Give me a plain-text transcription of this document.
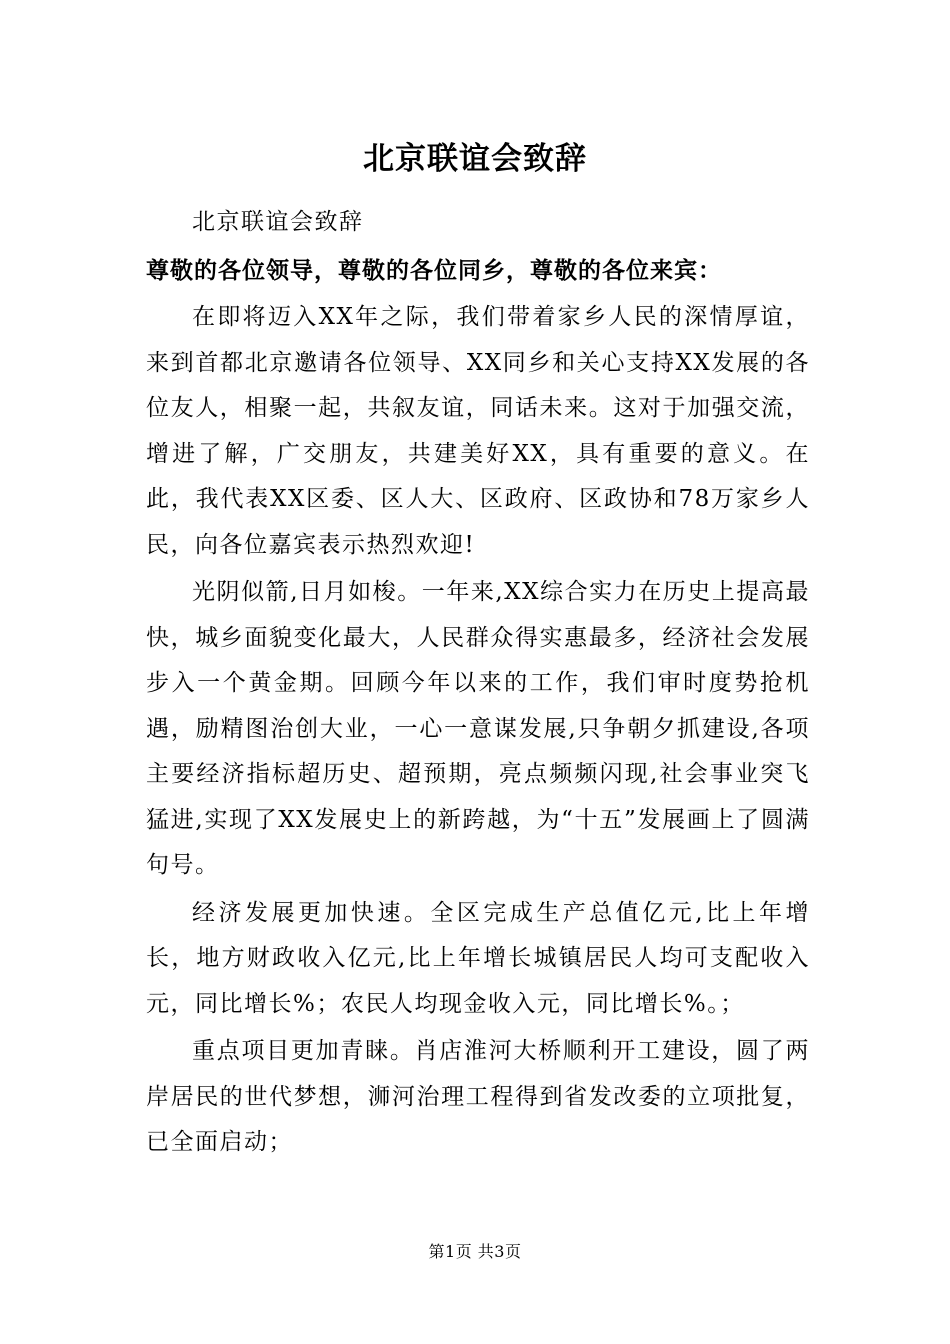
北京联谊会致辞

北京联谊会致辞

尊敬的各位领导，尊敬的各位同乡，尊敬的各位来宾：

在即将迈入XX年之际，我们带着家乡人民的深情厚谊，来到首都北京邀请各位领导、XX同乡和关心支持XX发展的各位友人，相聚一起，共叙友谊，同话未来。这对于加强交流，增进了解，广交朋友，共建美好XX，具有重要的意义。在此，我代表XX区委、区人大、区政府、区政协和78万家乡人民，向各位嘉宾表示热烈欢迎!

光阴似箭,日月如梭。一年来,XX综合实力在历史上提高最快，城乡面貌变化最大，人民群众得实惠最多，经济社会发展步入一个黄金期。回顾今年以来的工作，我们审时度势抢机遇，励精图治创大业，一心一意谋发展,只争朝夕抓建设,各项主要经济指标超历史、超预期，亮点频频闪现,社会事业突飞猛进,实现了XX发展史上的新跨越，为“十五”发展画上了圆满句号。

经济发展更加快速。全区完成生产总值亿元,比上年增长，地方财政收入亿元,比上年增长城镇居民人均可支配收入元，同比增长%；农民人均现金收入元，同比增长%。；

重点项目更加青睐。肖店淮河大桥顺利开工建设，圆了两岸居民的世代梦想，浉河治理工程得到省发改委的立项批复，已全面启动；

第1页 共3页
